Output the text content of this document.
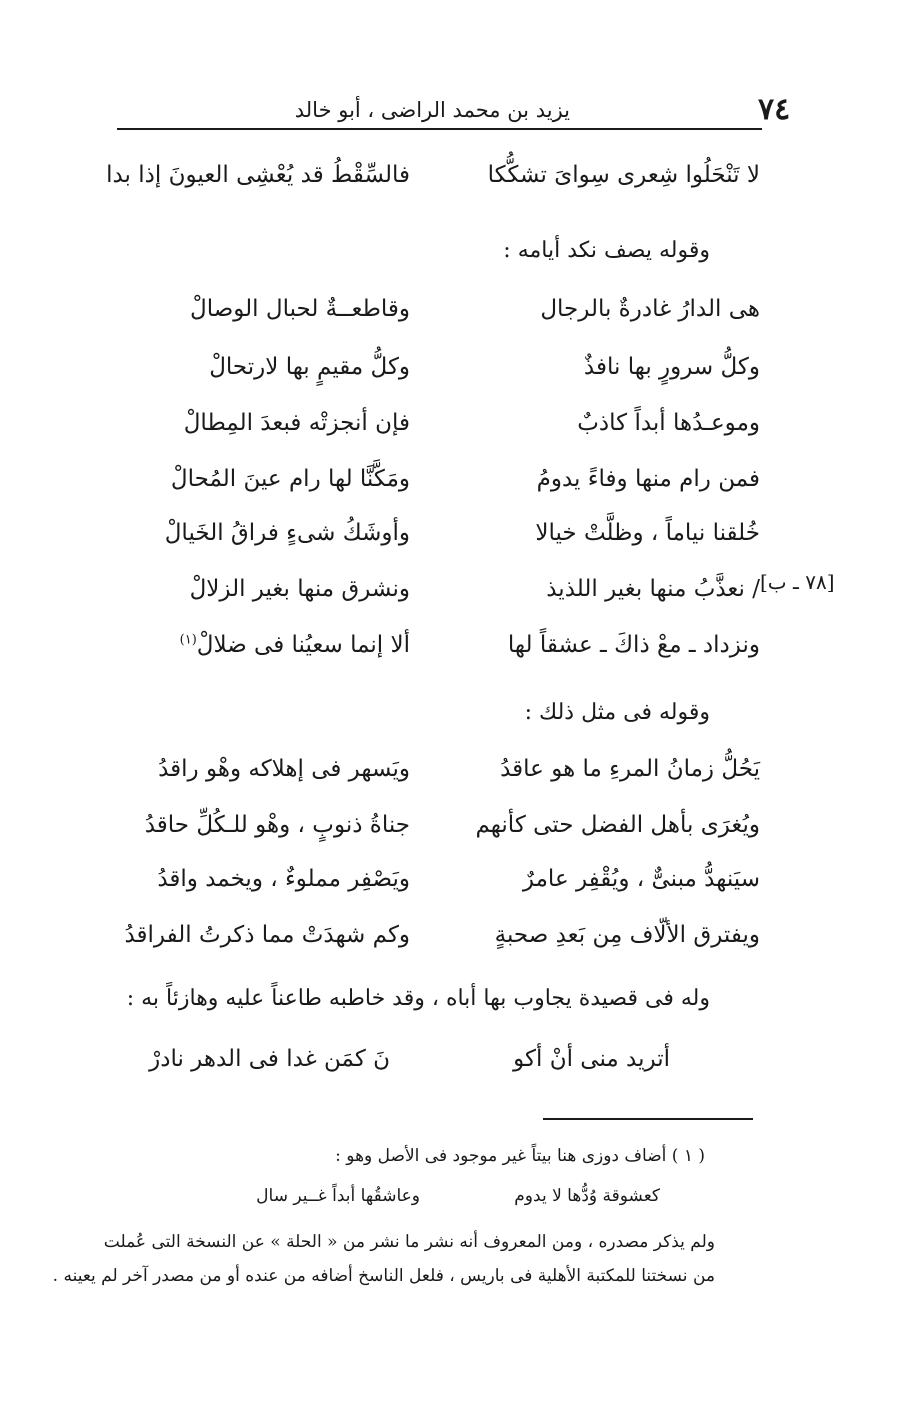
٧٤
يزيد بن محمد الراضى ، أبو خالد
لا تَنْحَلُوا شِعرى سِوایَ تشكُّكا
فالسِّقْطُ قد يُعْشِی العیونَ إذا بدا
وقوله يصف نكد أيامه :
هی الدارُ غادرةٌ بالرجال
وقاطعــةٌ لحبال الوصالْ
وكلُّ سرورٍ بها نافذٌ
وكلُّ مقيمٍ بها لارتحالْ
وموعـدُها أبداً كاذبٌ
فإن أنجزتْه فبعدَ المِطالْ
فمن رام منها وفاءً يدومُ
ومَكَّنَّا لها رام عينَ المُحالْ
خُلقنا نياماً ، وظلَّتْ خيالا
وأوشَكُ شیءٍ فراقُ الخَيالْ
/ نعذَّبُ منها بغير اللذيذ
ونشرق منها بغير الزلالْ
ونزداد ـ معْ ذاكَ ـ عشقاً لها
ألا إنما سعيُنا فی ضلالْ$^{(١)}$
[٧٨ ـ ب]
وقوله فی مثل ذلك :
يَحُلُّ زمانُ المرءِ ما هو عاقدُ
ويَسهر فی إهلاكه وهْو راقدُ
ويُغرَى بأهل الفضل حتى كأنهم
جناةُ ذنوبٍ ، وهْو للـكُلِّ حاقدُ
سيَنهدُّ مبنیٌّ ، ويُقْفِر عامرٌ
ويَصْفِر مملوءٌ ، ويخمد واقدُ
ويفترق الألّاف مِن بَعدِ صحبةٍ
وكم شهدَتْ مما ذكرتُ الفراقدُ
وله فی قصيدة يجاوب بها أباه ، وقد خاطبه طاعناً عليه وهازئاً به :
أتريد منی أنْ أكو
نَ كمَن غدا فی الدهر نادرْ
( ١ ) أضاف دوزی هنا بيتاً غير موجود فی الأصل وهو :
كعشوقة وُدُّها لا يدوم
وعاشقُها أبداً غــير سال
ولم يذكر مصدره ، ومن المعروف أنه نشر ما نشر من « الحلة » عن النسخة التی عُملت
من نسختنا للمكتبة الأهلية فی باريس ، فلعل الناسخ أضافه من عنده أو من مصدر آخر لم يعينه .
